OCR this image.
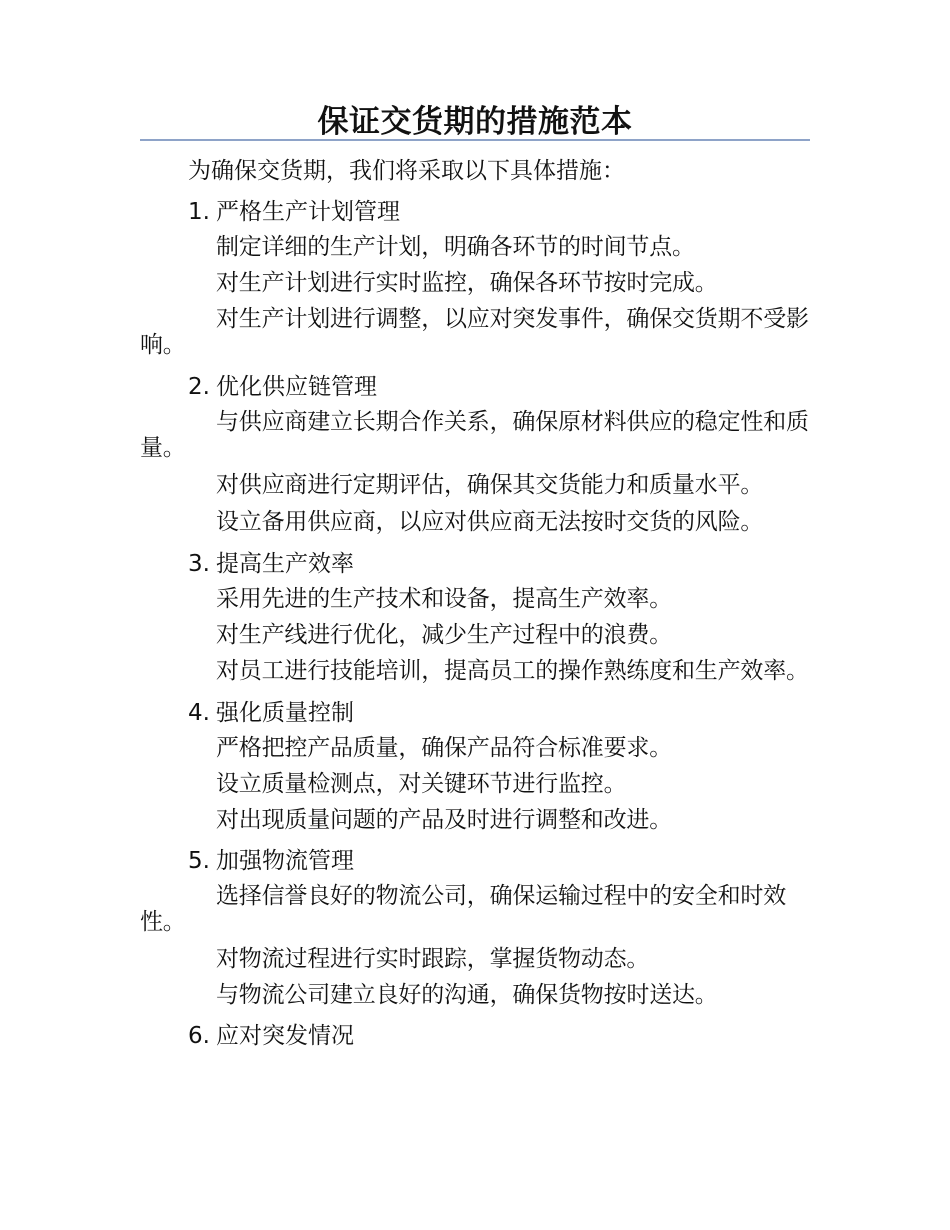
保证交货期的措施范本
为确保交货期，我们将采取以下具体措施：
1. 严格生产计划管理
制定详细的生产计划，明确各环节的时间节点。
对生产计划进行实时监控，确保各环节按时完成。
对生产计划进行调整，以应对突发事件，确保交货期不受影响。
2. 优化供应链管理
与供应商建立长期合作关系，确保原材料供应的稳定性和质量。
对供应商进行定期评估，确保其交货能力和质量水平。
设立备用供应商，以应对供应商无法按时交货的风险。
3. 提高生产效率
采用先进的生产技术和设备，提高生产效率。
对生产线进行优化，减少生产过程中的浪费。
对员工进行技能培训，提高员工的操作熟练度和生产效率。
4. 强化质量控制
严格把控产品质量，确保产品符合标准要求。
设立质量检测点，对关键环节进行监控。
对出现质量问题的产品及时进行调整和改进。
5. 加强物流管理
选择信誉良好的物流公司，确保运输过程中的安全和时效性。
对物流过程进行实时跟踪，掌握货物动态。
与物流公司建立良好的沟通，确保货物按时送达。
6. 应对突发情况
